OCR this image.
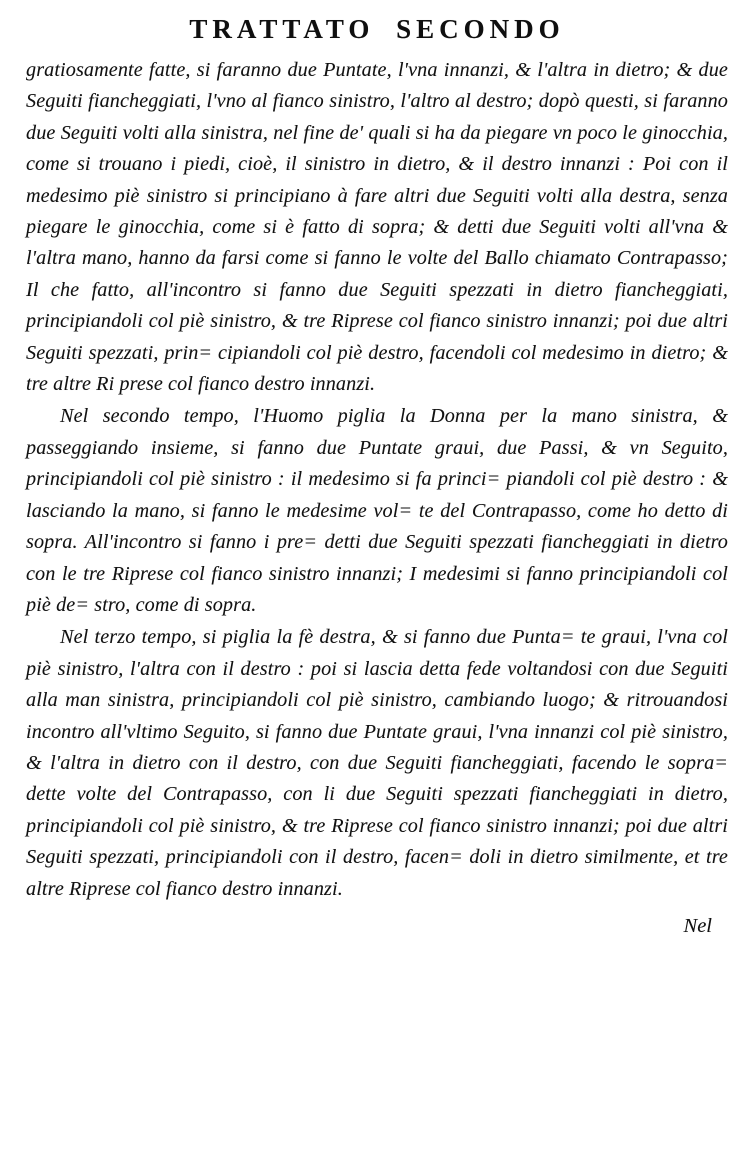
TRATTATO SECONDO

gratiosamente fatte, si faranno due Puntate, l'vna innanzi, & l'altra in dietro; & due Seguiti fiancheggiati, l'vno al fianco sinistro, l'altro al destro; dopò questi, si faranno due Seguiti volti alla sinistra, nel fine de' quali si ha da piegare vn poco le ginocchia, come si trouano i piedi, cioè, il sinistro in dietro, & il destro innanzi : Poi con il medesimo piè sinistro si principiano à fare altri due Seguiti volti alla destra, senza piegare le ginocchia, come si è fatto di sopra; & detti due Seguiti volti all'vna & l'altra mano, hanno da farsi come si fanno le volte del Ballo chiamato Contrapasso; Il che fatto, all'incontro si fanno due Seguiti spezzati in dietro fiancheggiati, principiandoli col piè sinistro, & tre Riprese col fianco sinistro innanzi; poi due altri Seguiti spezzati, prin= cipiandoli col piè destro, facendoli col medesimo in dietro; & tre altre Ri prese col fianco destro innanzi.

Nel secondo tempo, l'Huomo piglia la Donna per la mano sinistra, & passeggiando insieme, si fanno due Puntate graui, due Passi, & vn Seguito, principiandoli col piè sinistro : il medesimo si fa princi= piandoli col piè destro : & lasciando la mano, si fanno le medesime vol= te del Contrapasso, come ho detto di sopra. All'incontro si fanno i pre= detti due Seguiti spezzati fiancheggiati in dietro con le tre Riprese col fianco sinistro innanzi; I medesimi si fanno principiandoli col piè de= stro, come di sopra.

Nel terzo tempo, si piglia la fè destra, & si fanno due Punta= te graui, l'vna col piè sinistro, l'altra con il destro : poi si lascia detta fede voltandosi con due Seguiti alla man sinistra, principiandoli col piè sinistro, cambiando luogo; & ritrouandosi incontro all'vltimo Seguito, si fanno due Puntate graui, l'vna innanzi col piè sinistro, & l'altra in dietro con il destro, con due Seguiti fiancheggiati, facendo le sopra= dette volte del Contrapasso, con li due Seguiti spezzati fiancheggiati in dietro, principiandoli col piè sinistro, & tre Riprese col fianco sinistro innanzi; poi due altri Seguiti spezzati, principiandoli con il destro, facen= doli in dietro similmente, et tre altre Riprese col fianco destro innanzi.

Nel
